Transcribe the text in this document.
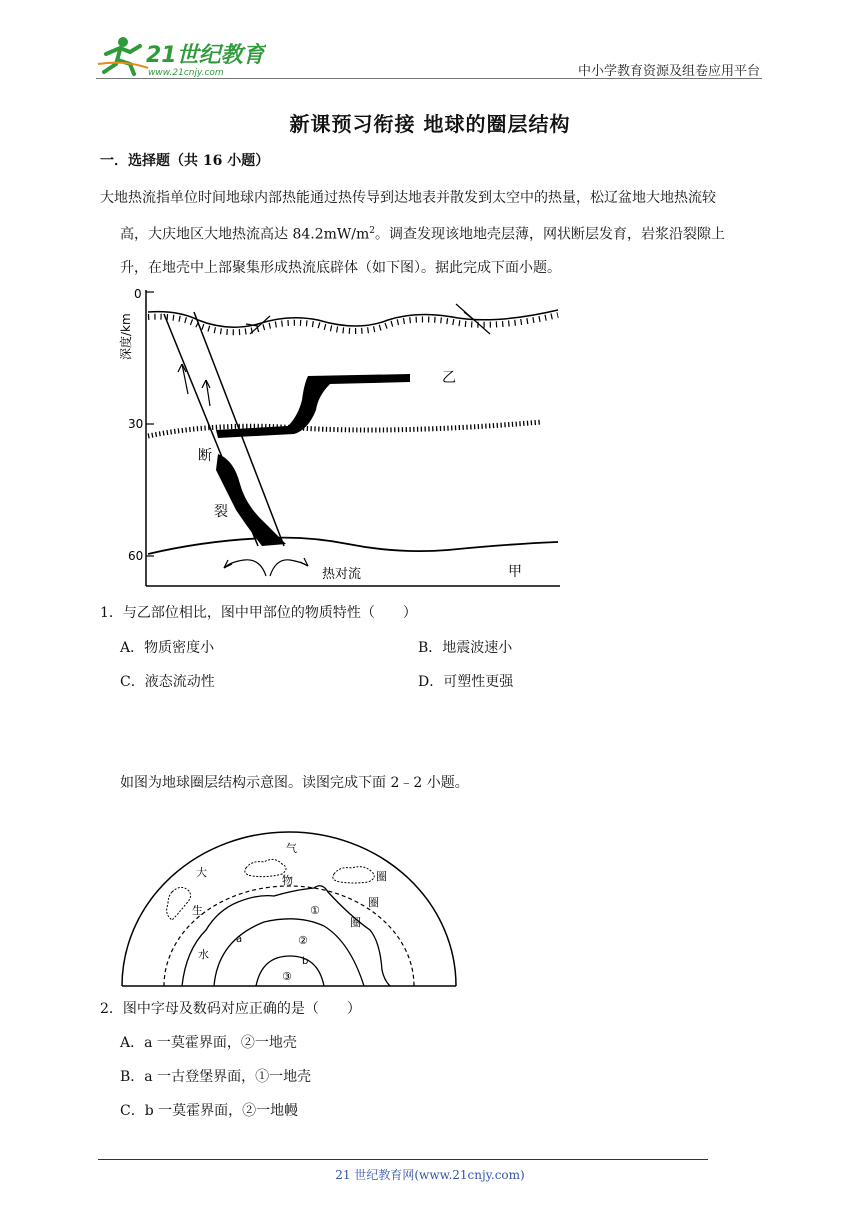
21世纪教育
www.21cnjy.com	中小学教育资源及组卷应用平台
新课预习衔接 地球的圈层结构
一．选择题（共 16 小题）
大地热流指单位时间地球内部热能通过热传导到达地表并散发到太空中的热量，松辽盆地大地热流较
高，大庆地区大地热流高达 $84.2mW/m^2$。调查发现该地地壳层薄，网状断层发育，岩浆沿裂隙上
升，在地壳中上部聚集形成热流底辟体（如下图）。据此完成下面小题。
0
30
60
深度/km
乙
甲
断
裂
热对流
1．与乙部位相比，图中甲部位的物质特性（　　）
A．物质密度小	B．地震波速小
C．液态流动性	D．可塑性更强
如图为地球圈层结构示意图。读图完成下面 2﹣2 小题。
大
气
圈
物
圈
生
水
圈
a
b
①
②
③
2．图中字母及数码对应正确的是（　　）
A．a 一莫霍界面，②一地壳
B．a 一古登堡界面，①一地壳
C．b 一莫霍界面，②一地幔
21 世纪教育网(www.21cnjy.com)
